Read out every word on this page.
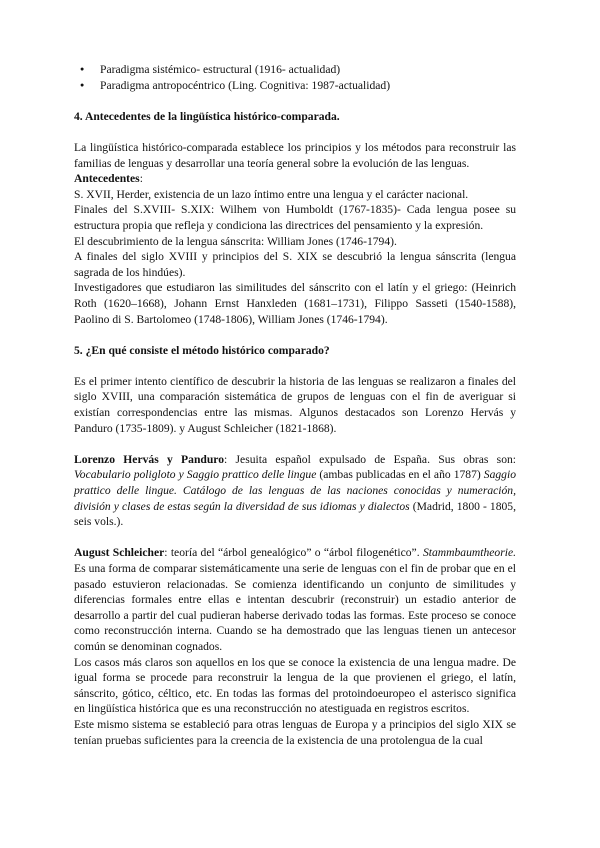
● Paradigma sistémico- estructural (1916- actualidad)
● Paradigma antropocéntrico (Ling. Cognitiva: 1987-actualidad)
4. Antecedentes de la lingüística histórico-comparada.

La lingüística histórico-comparada establece los principios y los métodos para reconstruir las familias de lenguas y desarrollar una teoría general sobre la evolución de las lenguas.

Antecedentes:

S. XVII, Herder, existencia de un lazo íntimo entre una lengua y el carácter nacional.

Finales del S.XVIII- S.XIX: Wilhem von Humboldt (1767-1835)- Cada lengua posee su estructura propia que refleja y condiciona las directrices del pensamiento y la expresión.

El descubrimiento de la lengua sánscrita: William Jones (1746-1794).

A finales del siglo XVIII y principios del S. XIX se descubrió la lengua sánscrita (lengua sagrada de los hindúes).

Investigadores que estudiaron las similitudes del sánscrito con el latín y el griego: (Heinrich Roth (1620–1668), Johann Ernst Hanxleden (1681–1731), Filippo Sasseti (1540-1588), Paolino di S. Bartolomeo (1748-1806), William Jones (1746-1794).

5. ¿En qué consiste el método histórico comparado?

Es el primer intento científico de descubrir la historia de las lenguas se realizaron a finales del siglo XVIII, una comparación sistemática de grupos de lenguas con el fin de averiguar si existían correspondencias entre las mismas. Algunos destacados son Lorenzo Hervás y Panduro (1735-1809). y August Schleicher (1821-1868).

Lorenzo Hervás y Panduro: Jesuita español expulsado de España. Sus obras son: Vocabulario poligloto y Saggio prattico delle lingue (ambas publicadas en el año 1787) Saggio prattico delle lingue. Catálogo de las lenguas de las naciones conocidas y numeración, división y clases de estas según la diversidad de sus idiomas y dialectos (Madrid, 1800 - 1805, seis vols.).

August Schleicher: teoría del “árbol genealógico” o “árbol filogenético”. Stammbaumtheorie. Es una forma de comparar sistemáticamente una serie de lenguas con el fin de probar que en el pasado estuvieron relacionadas. Se comienza identificando un conjunto de similitudes y diferencias formales entre ellas e intentan descubrir (reconstruir) un estadio anterior de desarrollo a partir del cual pudieran haberse derivado todas las formas. Este proceso se conoce como reconstrucción interna. Cuando se ha demostrado que las lenguas tienen un antecesor común se denominan cognados.

Los casos más claros son aquellos en los que se conoce la existencia de una lengua madre. De igual forma se procede para reconstruir la lengua de la que provienen el griego, el latín, sánscrito, gótico, céltico, etc. En todas las formas del protoindoeuropeo el asterisco significa en lingüística histórica que es una reconstrucción no atestiguada en registros escritos.

Este mismo sistema se estableció para otras lenguas de Europa y a principios del siglo XIX se tenían pruebas suficientes para la creencia de la existencia de una protolengua de la cual
